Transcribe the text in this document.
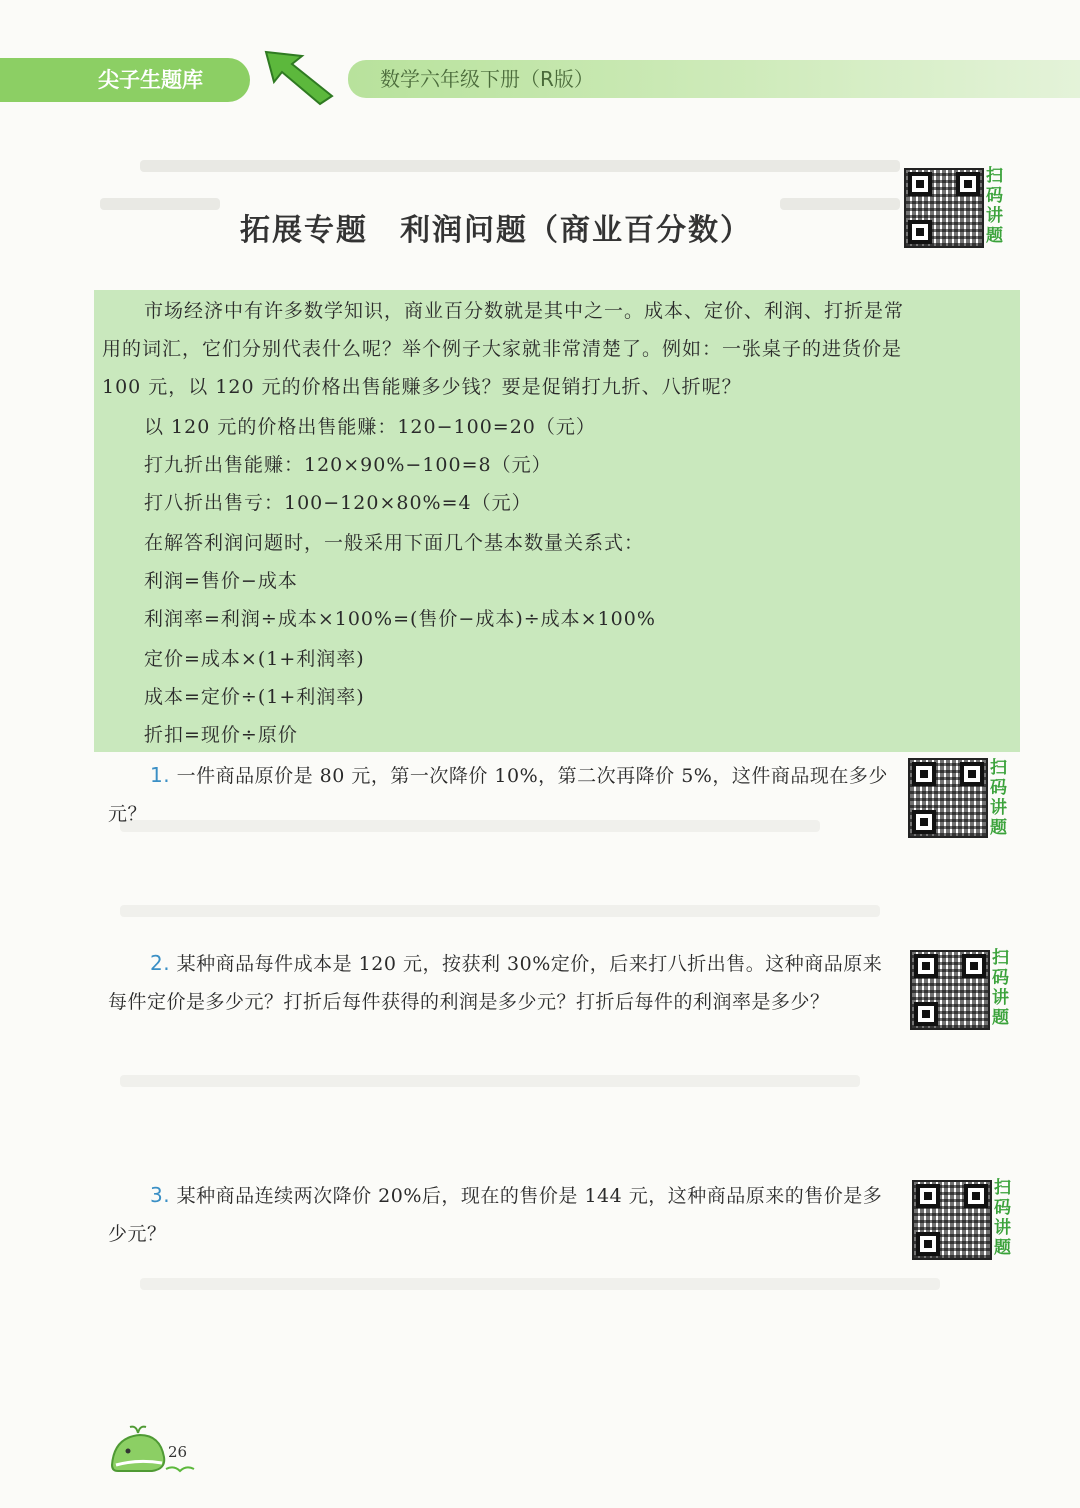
尖子生题库	数学六年级下册（R版）
拓展专题　利润问题（商业百分数）
扫码讲题
扫码讲题
扫码讲题
扫码讲题

市场经济中有许多数学知识，商业百分数就是其中之一。成本、定价、利润、打折是常

用的词汇，它们分别代表什么呢？举个例子大家就非常清楚了。例如：一张桌子的进货价是

100 元，以 120 元的价格出售能赚多少钱？要是促销打九折、八折呢？

以 120 元的价格出售能赚：120−100=20（元）

打九折出售能赚：120×90%−100=8（元）

打八折出售亏：100−120×80%=4（元）

在解答利润问题时，一般采用下面几个基本数量关系式：

利润=售价−成本

利润率=利润÷成本×100%=(售价−成本)÷成本×100%

定价=成本×(1+利润率)

成本=定价÷(1+利润率)

折扣=现价÷原价

1. 一件商品原价是 80 元，第一次降价 10%，第二次再降价 5%，这件商品现在多少元？
2. 某种商品每件成本是 120 元，按获利 30%定价，后来打八折出售。这种商品原来每件定价是多少元？打折后每件获得的利润是多少元？打折后每件的利润率是多少？
3. 某种商品连续两次降价 20%后，现在的售价是 144 元，这种商品原来的售价是多少元？
26
